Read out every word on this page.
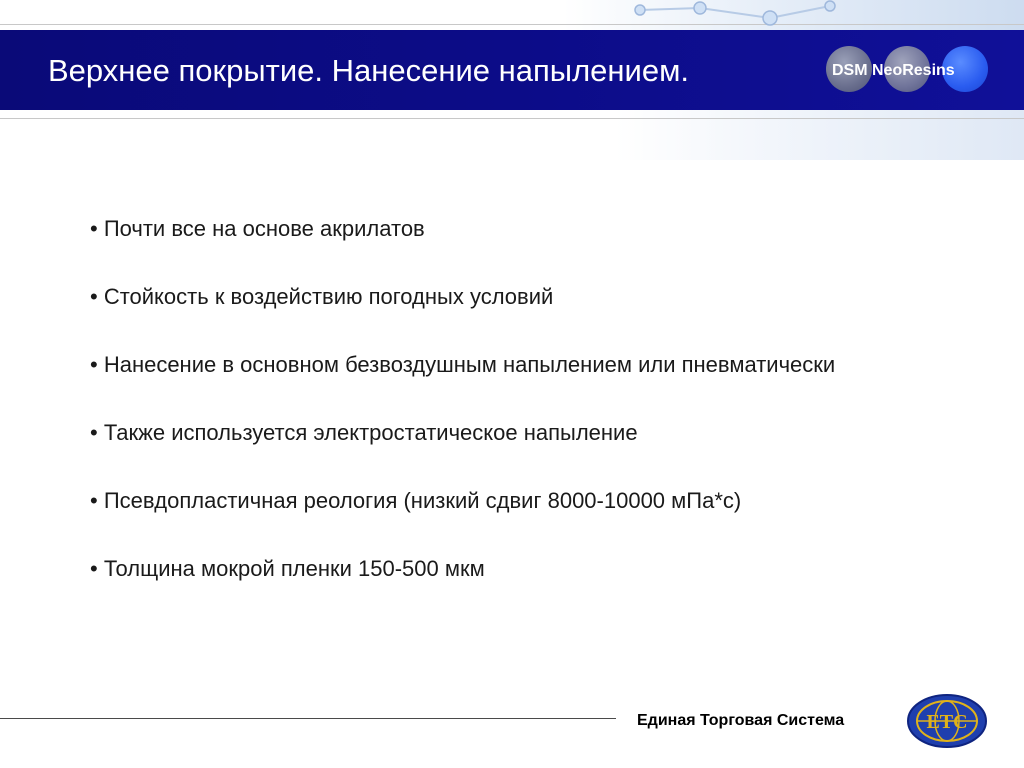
Верхнее покрытие. Нанесение напылением.	DSM NeoResins
• Почти все на основе акрилатов
• Стойкость к воздействию погодных условий
• Нанесение в основном безвоздушным напылением или пневматически
• Также используется электростатическое напыление
• Псевдопластичная реология (низкий сдвиг 8000-10000 мПа*с)
• Толщина мокрой пленки 150-500 мкм
Единая Торговая Система	ЕТС
